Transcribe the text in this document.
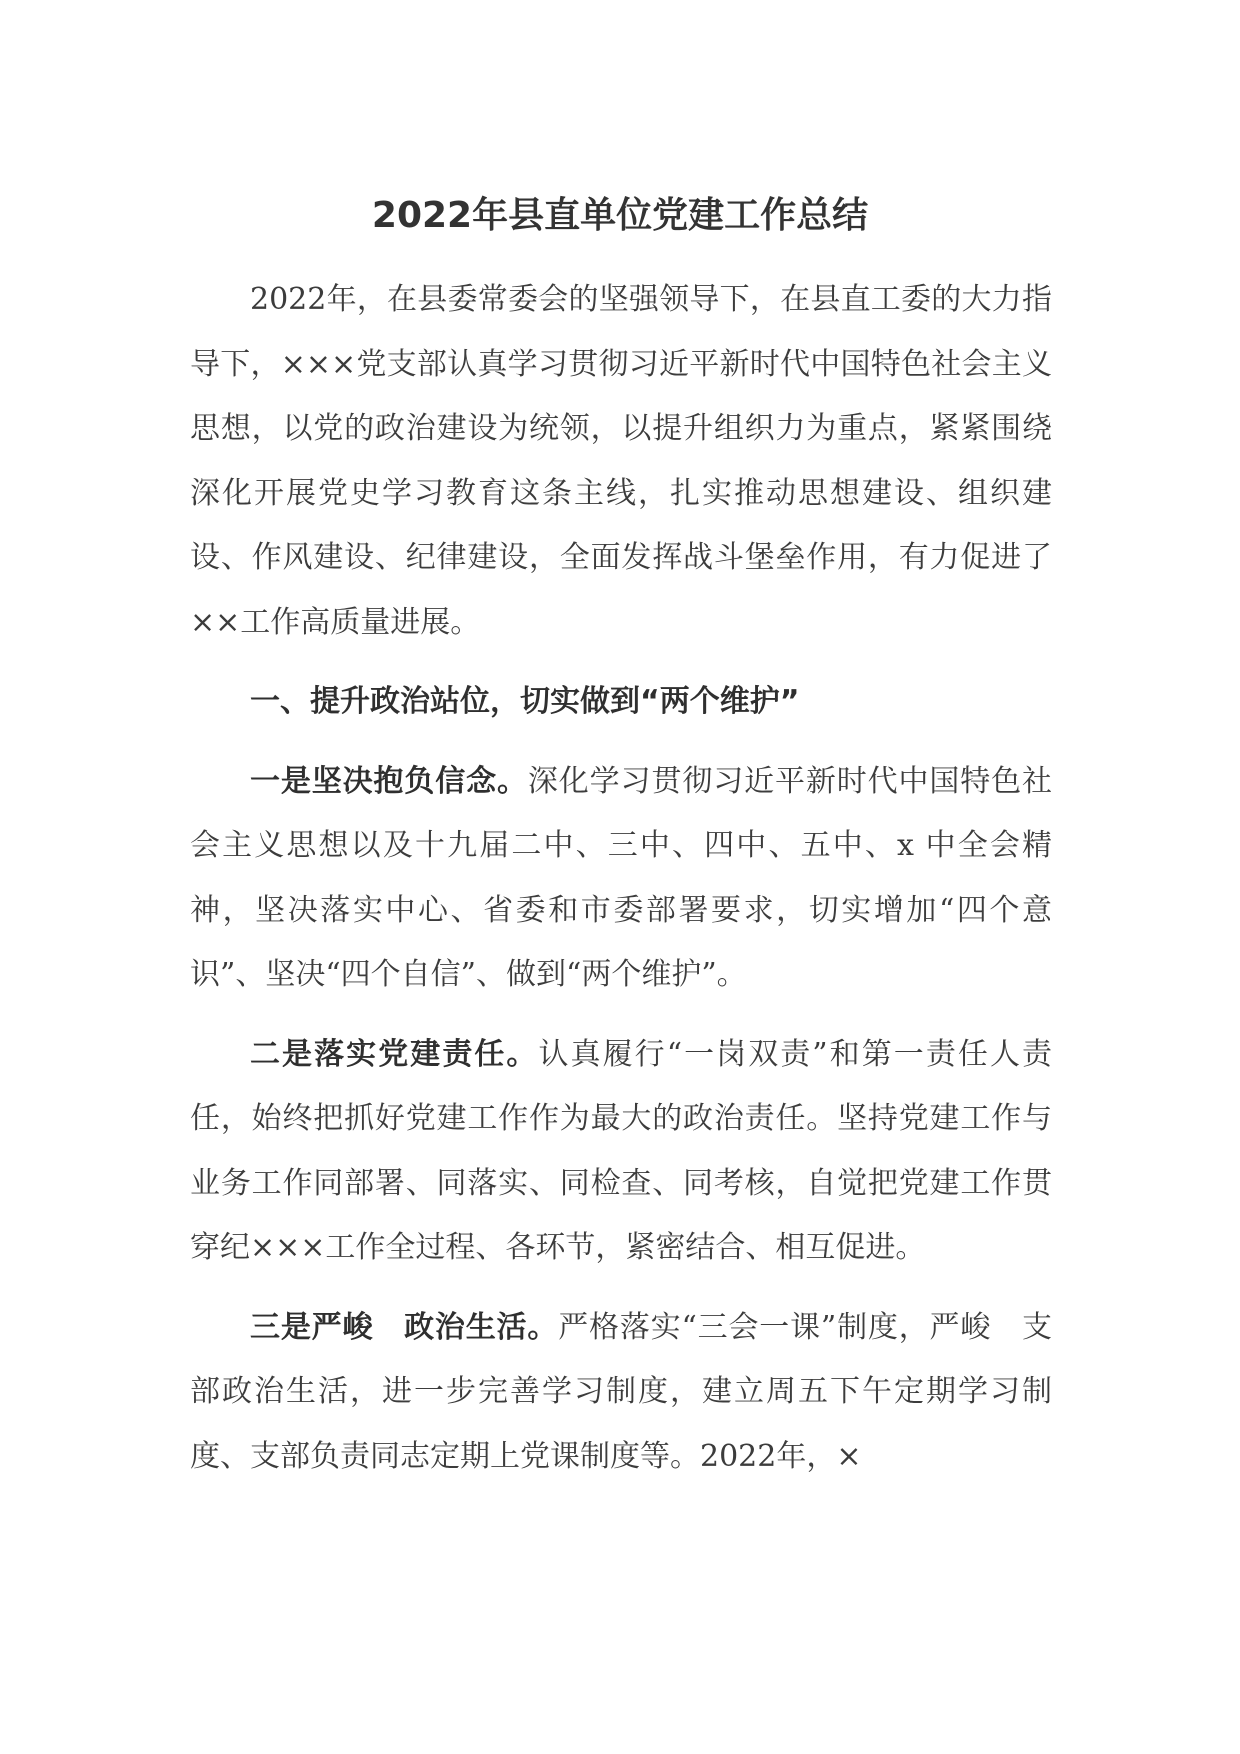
2022年县直单位党建工作总结

2022年，在县委常委会的坚强领导下，在县直工委的大力指导下，×××党支部认真学习贯彻习近平新时代中国特色社会主义思想，以党的政治建设为统领，以提升组织力为重点，紧紧围绕深化开展党史学习教育这条主线，扎实推动思想建设、组织建设、作风建设、纪律建设，全面发挥战斗堡垒作用，有力促进了××工作高质量进展。

一、提升政治站位，切实做到“两个维护”

一是坚决抱负信念。深化学习贯彻习近平新时代中国特色社会主义思想以及十九届二中、三中、四中、五中、x 中全会精神，坚决落实中心、省委和市委部署要求，切实增加“四个意识”、坚决“四个自信”、做到“两个维护”。

二是落实党建责任。认真履行“一岗双责”和第一责任人责任，始终把抓好党建工作作为最大的政治责任。坚持党建工作与业务工作同部署、同落实、同检查、同考核，自觉把党建工作贯穿纪×××工作全过程、各环节，紧密结合、相互促进。

三是严峻　政治生活。严格落实“三会一课”制度，严峻　支部政治生活，进一步完善学习制度，建立周五下午定期学习制度、支部负责同志定期上党课制度等。2022年，×
